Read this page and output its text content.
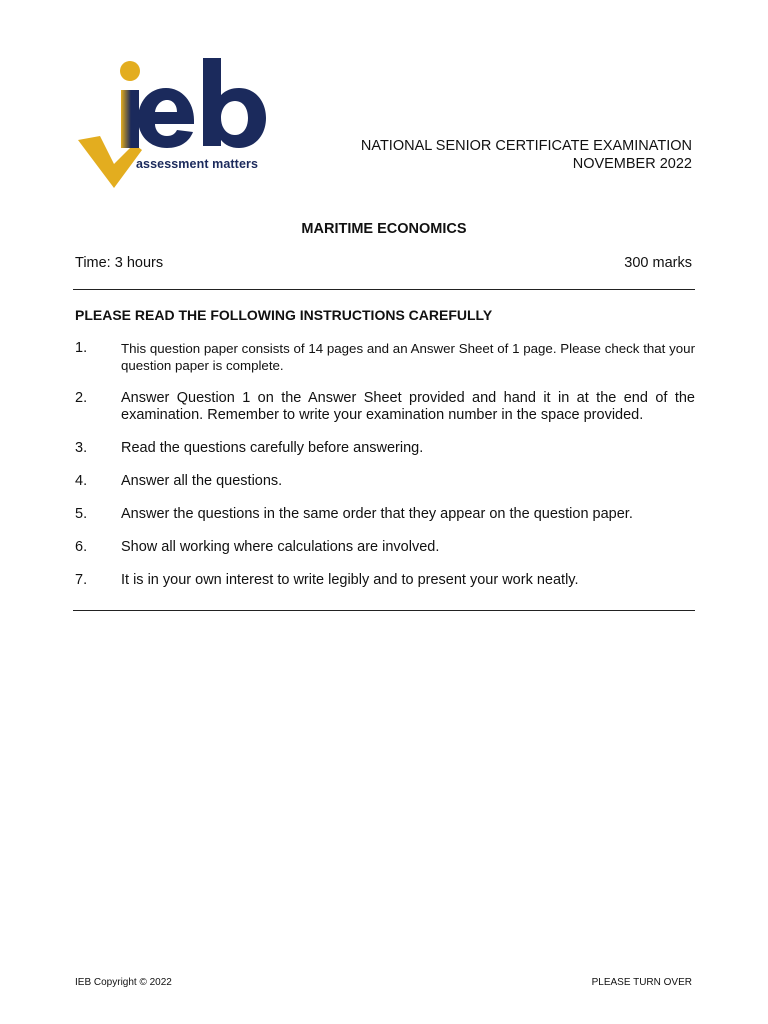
assessment matters
NATIONAL SENIOR CERTIFICATE EXAMINATION
NOVEMBER 2022
MARITIME ECONOMICS
Time: 3 hours	300 marks
PLEASE READ THE FOLLOWING INSTRUCTIONS CAREFULLY
1.	This question paper consists of 14 pages and an Answer Sheet of 1 page. Please check that your question paper is complete.
2.	Answer Question 1 on the Answer Sheet provided and hand it in at the end of the examination. Remember to write your examination number in the space provided.
3.	Read the questions carefully before answering.
4.	Answer all the questions.
5.	Answer the questions in the same order that they appear on the question paper.
6.	Show all working where calculations are involved.
7.	It is in your own interest to write legibly and to present your work neatly.
IEB Copyright © 2022	PLEASE TURN OVER
